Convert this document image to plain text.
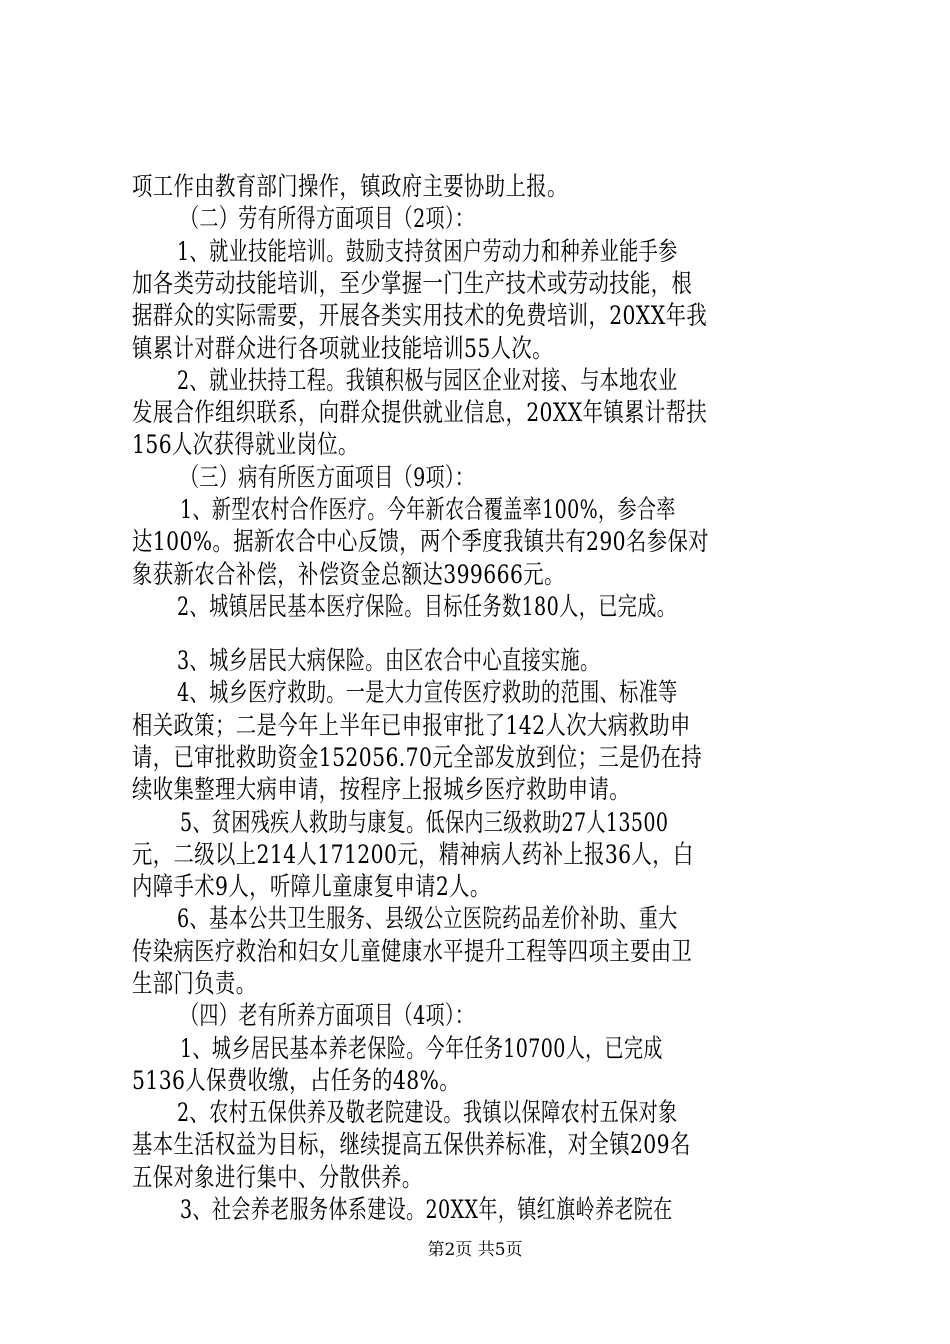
项工作由教育部门操作，镇政府主要协助上报。
（二）劳有所得方面项目（2项）：
1、就业技能培训。鼓励支持贫困户劳动力和种养业能手参
加各类劳动技能培训，至少掌握一门生产技术或劳动技能，根
据群众的实际需要，开展各类实用技术的免费培训，20XX年我
镇累计对群众进行各项就业技能培训55人次。
2、就业扶持工程。我镇积极与园区企业对接、与本地农业
发展合作组织联系，向群众提供就业信息，20XX年镇累计帮扶
156人次获得就业岗位。
（三）病有所医方面项目（9项）：
1、新型农村合作医疗。今年新农合覆盖率100%，参合率
达100%。据新农合中心反馈，两个季度我镇共有290名参保对
象获新农合补偿，补偿资金总额达399666元。
2、城镇居民基本医疗保险。目标任务数180人，已完成。
3、城乡居民大病保险。由区农合中心直接实施。
4、城乡医疗救助。一是大力宣传医疗救助的范围、标准等
相关政策；二是今年上半年已申报审批了142人次大病救助申
请，已审批救助资金152056.70元全部发放到位；三是仍在持
续收集整理大病申请，按程序上报城乡医疗救助申请。
5、贫困残疾人救助与康复。低保内三级救助27人13500
元，二级以上214人171200元，精神病人药补上报36人，白
内障手术9人，听障儿童康复申请2人。
6、基本公共卫生服务、县级公立医院药品差价补助、重大
传染病医疗救治和妇女儿童健康水平提升工程等四项主要由卫
生部门负责。
（四）老有所养方面项目（4项）：
1、城乡居民基本养老保险。今年任务10700人，已完成
5136人保费收缴，占任务的48%。
2、农村五保供养及敬老院建设。我镇以保障农村五保对象
基本生活权益为目标，继续提高五保供养标准，对全镇209名
五保对象进行集中、分散供养。
3、社会养老服务体系建设。20XX年，镇红旗岭养老院在
第2页 共5页
